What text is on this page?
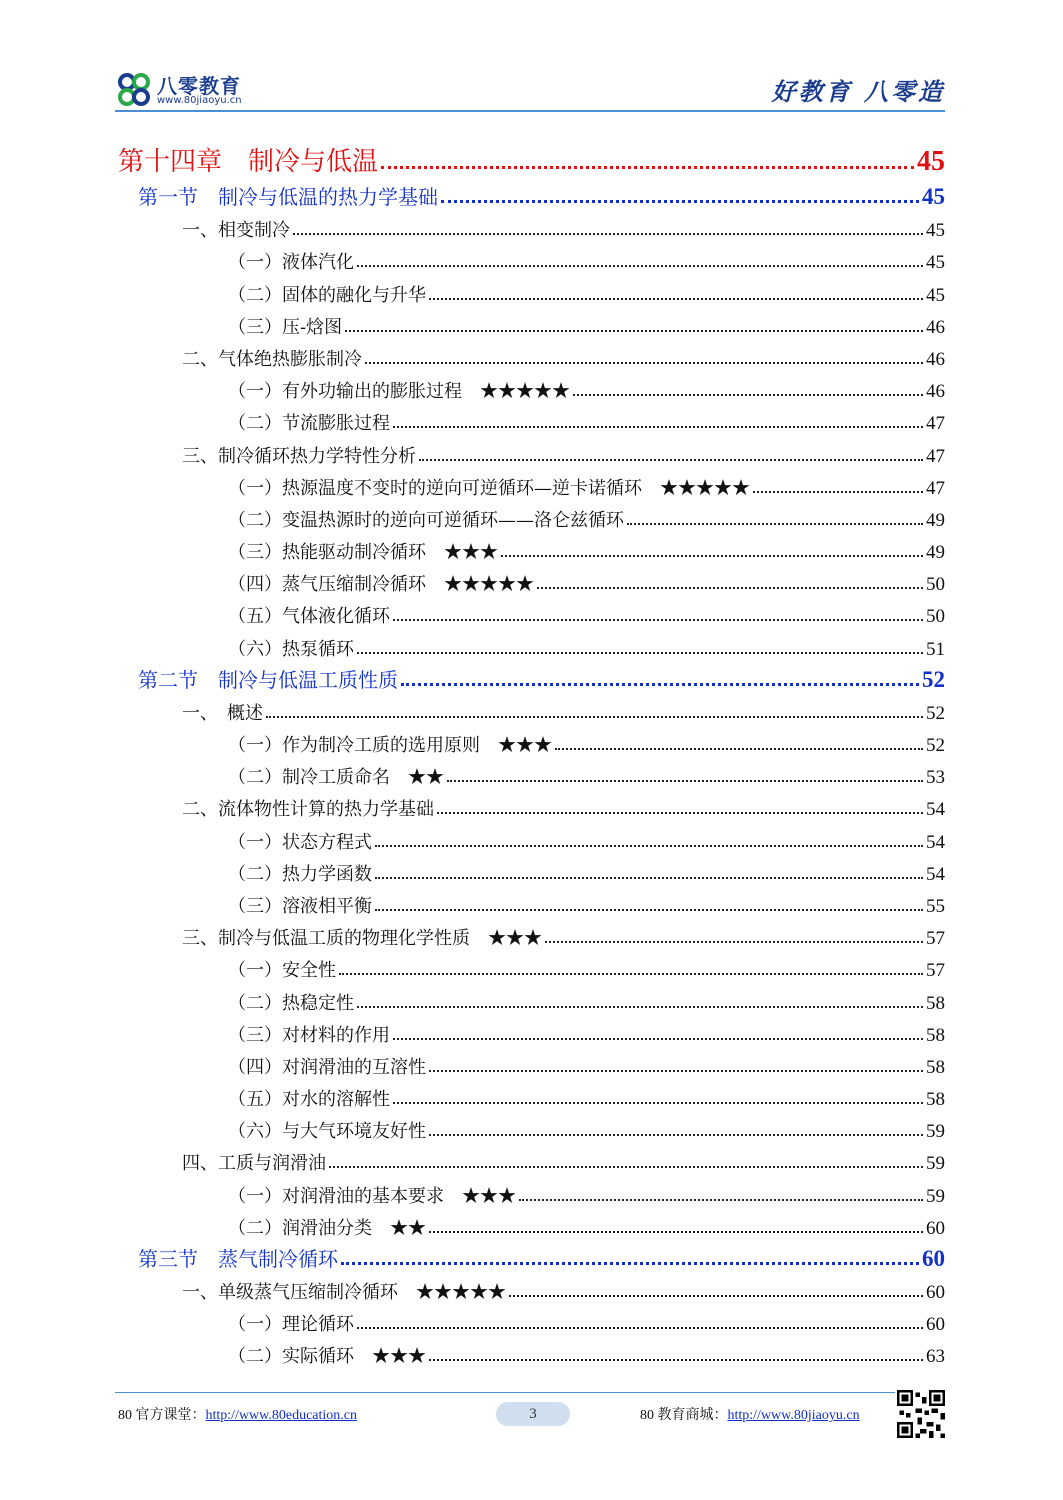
八零教育
www.80jiaoyu.cn	好教育 八零造
第十四章　制冷与低温	45
第一节　制冷与低温的热力学基础	45
一、相变制冷	45
（一）液体汽化	45
（二）固体的融化与升华	45
（三）压-焓图	46
二、气体绝热膨胀制冷	46
（一）有外功输出的膨胀过程　★★★★★	46
（二）节流膨胀过程	47
三、制冷循环热力学特性分析	47
（一）热源温度不变时的逆向可逆循环—逆卡诺循环　★★★★★	47
（二）变温热源时的逆向可逆循环——洛仑兹循环	49
（三）热能驱动制冷循环　★★★	49
（四）蒸气压缩制冷循环　★★★★★	50
（五）气体液化循环	50
（六）热泵循环	51
第二节　制冷与低温工质性质	52
一、　概述	52
（一）作为制冷工质的选用原则　★★★	52
（二）制冷工质命名　★★	53
二、流体物性计算的热力学基础	54
（一）状态方程式	54
（二）热力学函数	54
（三）溶液相平衡	55
三、制冷与低温工质的物理化学性质　★★★	57
（一）安全性	57
（二）热稳定性	58
（三）对材料的作用	58
（四）对润滑油的互溶性	58
（五）对水的溶解性	58
（六）与大气环境友好性	59
四、工质与润滑油	59
（一）对润滑油的基本要求　★★★	59
（二）润滑油分类　★★	60
第三节　蒸气制冷循环	60
一、单级蒸气压缩制冷循环　★★★★★	60
（一）理论循环	60
（二）实际循环　★★★	63
80 官方课堂：http://www.80education.cn	3	80 教育商城：http://www.80jiaoyu.cn
